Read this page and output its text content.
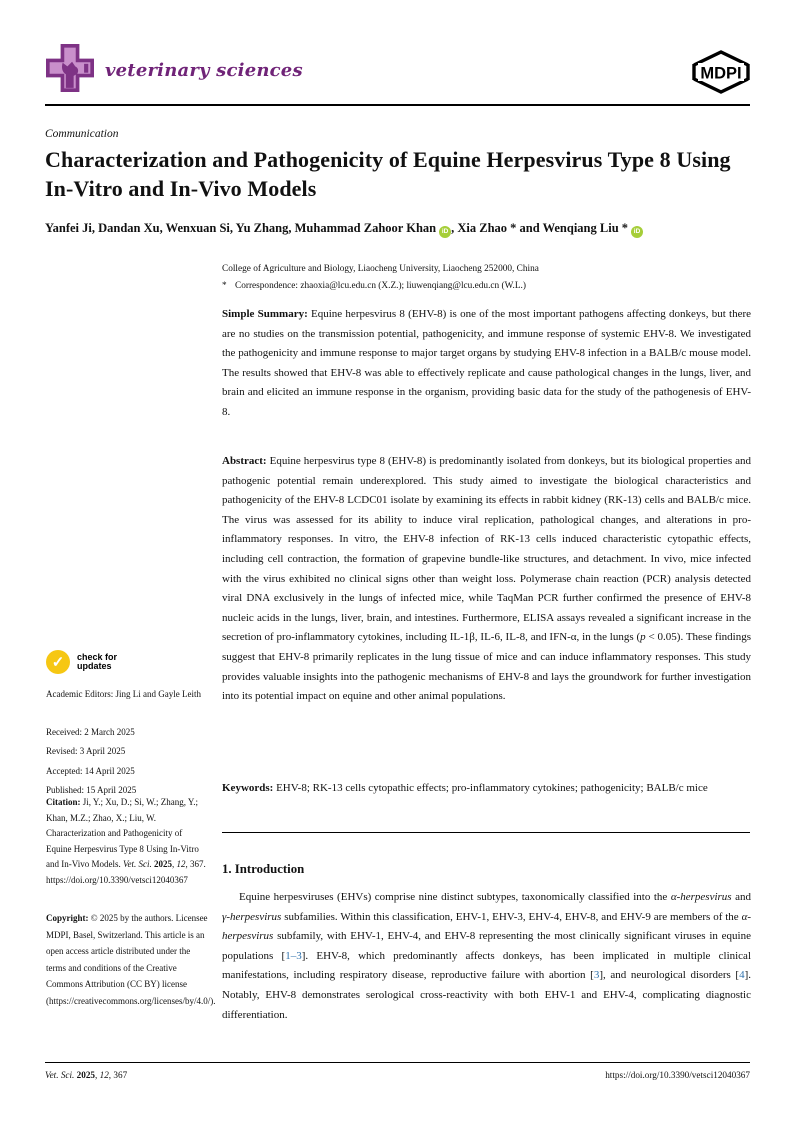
veterinary sciences	MDPI
Communication
Characterization and Pathogenicity of Equine Herpesvirus Type 8 Using In-Vitro and In-Vivo Models
Yanfei Ji, Dandan Xu, Wenxuan Si, Yu Zhang, Muhammad Zahoor Khan iD , Xia Zhao * and Wenqiang Liu * iD
College of Agriculture and Biology, Liaocheng University, Liaocheng 252000, China
* Correspondence: zhaoxia@lcu.edu.cn (X.Z.); liuwenqiang@lcu.edu.cn (W.L.)

Simple Summary: Equine herpesvirus 8 (EHV-8) is one of the most important pathogens affecting donkeys, but there are no studies on the transmission potential, pathogenicity, and immune response of systemic EHV-8. We investigated the pathogenicity and immune response to major target organs by studying EHV-8 infection in a BALB/c mouse model. The results showed that EHV-8 was able to effectively replicate and cause pathological changes in the lungs, liver, and brain and elicited an immune response in the organism, providing basic data for the study of the pathogenesis of EHV-8.

Abstract: Equine herpesvirus type 8 (EHV-8) is predominantly isolated from donkeys, but its biological properties and pathogenic potential remain underexplored. This study aimed to investigate the biological characteristics and pathogenicity of the EHV-8 LCDC01 isolate by examining its effects in rabbit kidney (RK-13) cells and BALB/c mice. The virus was assessed for its ability to induce viral replication, pathological changes, and alterations in pro-inflammatory responses. In vitro, the EHV-8 infection of RK-13 cells induced characteristic cytopathic effects, including cell contraction, the formation of grapevine bundle-like structures, and detachment. In vivo, mice infected with the virus exhibited no clinical signs other than weight loss. Polymerase chain reaction (PCR) analysis detected viral DNA exclusively in the lungs of infected mice, while TaqMan PCR further confirmed the presence of EHV-8 nucleic acids in the lungs, liver, brain, and intestines. Furthermore, ELISA assays revealed a significant increase in the secretion of pro-inflammatory cytokines, including IL-1β, IL-6, IL-8, and IFN-α, in the lungs (p < 0.05). These findings suggest that EHV-8 primarily replicates in the lung tissue of mice and can induce inflammatory responses. This study provides valuable insights into the pathogenic mechanisms of EHV-8 and lays the groundwork for further investigation into its potential impact on equine and other animal populations.

Keywords: EHV-8; RK-13 cells cytopathic effects; pro-inflammatory cytokines; pathogenicity; BALB/c mice

1. Introduction

Equine herpesviruses (EHVs) comprise nine distinct subtypes, taxonomically classified into the α-herpesvirus and γ-herpesvirus subfamilies. Within this classification, EHV-1, EHV-3, EHV-4, EHV-8, and EHV-9 are members of the α-herpesvirus subfamily, with EHV-1, EHV-4, and EHV-8 representing the most clinically significant viruses in equine populations [1–3]. EHV-8, which predominantly affects donkeys, has been implicated in multiple clinical manifestations, including respiratory disease, reproductive failure with abortion [3], and neurological disorders [4]. Notably, EHV-8 demonstrates serological cross-reactivity with both EHV-1 and EHV-4, complicating diagnostic differentiation.

✓	check for
updates
Academic Editors: Jing Li and Gayle Leith
Received: 2 March 2025
Revised: 3 April 2025
Accepted: 14 April 2025
Published: 15 April 2025
Citation: Ji, Y.; Xu, D.; Si, W.; Zhang, Y.; Khan, M.Z.; Zhao, X.; Liu, W. Characterization and Pathogenicity of Equine Herpesvirus Type 8 Using In-Vitro and In-Vivo Models. Vet. Sci. 2025, 12, 367. https://doi.org/10.3390/vetsci12040367
Copyright: © 2025 by the authors. Licensee MDPI, Basel, Switzerland. This article is an open access article distributed under the terms and conditions of the Creative Commons Attribution (CC BY) license (https://creativecommons.org/licenses/by/4.0/).
Vet. Sci. 2025, 12, 367	https://doi.org/10.3390/vetsci12040367
